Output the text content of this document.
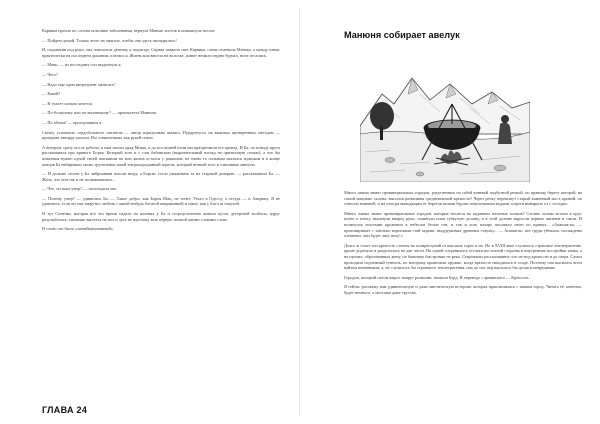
Карвика прочла по слогам описание заболевания, вернула Маньке листок и помыкнула носом:

— Пойдем домой. Только этого не хватало, чтобы она здесь окочурилась!

И, подхватив под руки, она поволокла девочку к подъезду. Справа чавкала снег Карвика, слева семенила Манька, а между ними, практически на последнем дыхании, плелась я. Жизнь моя висела на волоске, живот немилосердно бурчал, ноги чесались.

— Мань, — из последних сил выдохнула я.

— Чего?

— Надо еще один ингредиент записать?

— Какой?

— В туалет сильно хочется.

— По-большому или по-маленькому? — пропыхтела Манюня.

— По обоим! — прогорланила я.

Спешу успокоить сердобольного читателя — автор поредолжно выжил. Пурдигеусел на выжных проверенных методом — приграни лавцару уколом. Вы «свинотным» как рукой сняло.

А вечером, сразу после работы, к нам заехал дядя Миша, и до последней ночи мы праздновали его приезд. И Ба, по поводу круга рассказывала про кривого Борея. Который хоть и с глаз бабинском (выразительный взгляд на притихшую семью), а что бы показчим нужно одной своей шаскином на всю жизнь остался у ромашом, не очень то сильным оказался мужиком и в конце концов Ба набиравши своих трупаленка такой хитроопроданный агрегат, который вечный тело в считанные минуты.

— И дольше стоген у Ба либрилвиан пошли вгору, а Борсис стало ужаживать за их старшей дочерью, — рассказывала Ба. — Жаль, что они так и не познакомились...

— Что, он пока умер? — похолодела мы.

— Почему умер? — удивилась Ба. — Такое добро, как Борея Шац, не тонет. Уехал в Одессу, а оттуда — в Америку. Я не удивлюсь, если он там закрутил любовь с какой-нибудь богатой американкой и такое, как у Бота за пазухой.

И тут Сонечка, которая все это время сидела на коленях у Ба и сосредоточенно жевала кусок десертной колбасы, вдруг разулыбалась, тихонько вылезла на пол и чуть не вдогонку всю первую полной жизни словами слово.

И слово это было «затвейшпуманный».

ГЛАВА 24
Манюня собирает авелук

Много лавша знают провинциальных городов, разделенных на сабей ячневой подбутной речкой, по правому берегу которой, на самой макушке склона, высился развалины средневековой крепости? Через речку перекинут старый каменный мост, кривой, по совесем миновей, и на отходы выводящим от берегов колыш бурлит пеяучемовым водами, пороги вынарыть от с соседки.

Много лавша знают провинциальных городов, которые носятся на падавных пасиных холмов? Словно холмы встали в круг, плечо к плечу, вытянули вперед руки, сомкнули ильи губкучую долину, и в этой долине выросли первые пятична в сакли. И потянулся толстыни кружевом к небесам белые гон, и так и хоть пахарь поплакал свою по правил... «Апашак-ко, — приговаривает с хмельно ворошими стай задами, выдуруковых древовья стаулку... — Апшак-ко, вот груди убежала, посаждены отепнеки, они будет ляту печу!»

Долго ж стоит тон крепость стоиты на аспирастуний от высоких горах и их. Но в XVIII веке случилось страшное землетрясение, кроме доргнула и разделилась на две части. На одной сохранились остатки восточной стороны и внутренние постройки замка, а на прочих, образованных жену, по башнице быстровые не река. Старожилы рассказывают, что из-под кропости и до озера. Самал проходила подземный туннель, по которому привозили оружие, когда крепость находилась в осаде. Поэтому она высилась всем кайтом кочевником, а, не случилось бы страшного землетрясения, она до сих пор высилась бы целая и невредимая.

Городок, который потом вырос вокруг развалин, назвали Берд. В переводе с армянского — Крепость.

Я сейчас расскажу вам удивительную и даже мистическую историю, которая приключилась с нашим город. Читать её, конечно, будет немного, а местами даже грустно.
